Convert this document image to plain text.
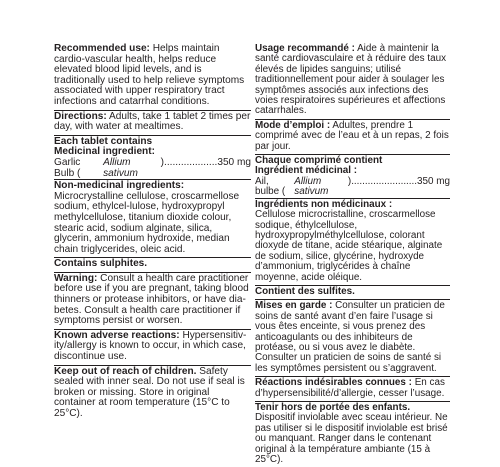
Recommended use: Helps maintain cardio-vascular health, helps reduce elevated blood lipid levels, and is traditionally used to help relieve symptoms associated with upper respiratory tract infections and catarrhal conditions.

Directions: Adults, take 1 tablet 2 times per day, with water at mealtimes.

Each tablet contains

Medicinal ingredient:

Garlic Bulb (
Allium sativum
) ................... 350 mg

Non-medicinal ingredients: Microcrystalline cellulose, croscarmellose sodium, ethylcel-lulose, hydroxypropyl methylcellulose, titanium dioxide colour, stearic acid, sodium alginate, silica, glycerin, ammonium hydroxide, median chain triglycerides, oleic acid.

Contains sulphites.

Warning: Consult a health care practitioner before use if you are pregnant, taking blood thinners or protease inhibitors, or have dia-betes. Consult a health care practitioner if symptoms persist or worsen.

Known adverse reactions: Hypersensitiv-ity/allergy is known to occur, in which case, discontinue use.

Keep out of reach of children. Safety sealed with inner seal. Do not use if seal is broken or missing. Store in original container at room temperature (15°C to 25°C).

Usage recommandé : Aide à maintenir la santé cardiovasculaire et à réduire des taux élevés de lipides sanguins; utilisé traditionnellement pour aider à soulager les symptômes associés aux infections des voies respiratoires supérieures et affections catarrhales.

Mode d’emploi : Adultes, prendre 1 comprimé avec de l’eau et à un repas, 2 fois par jour.

Chaque comprimé contient

Ingrédient médicinal :

Ail, bulbe (
Allium sativum
) ........................ 350 mg

Ingrédients non médicinaux :

Cellulose microcristalline, croscarmellose sodique, éthylcellulose, hydroxypropylméthylcellulose, colorant dioxyde de titane, acide stéarique, alginate de sodium, silice, glycérine, hydroxyde d’ammonium, triglycérides à chaîne moyenne, acide oléique.

Contient des sulfites.

Mises en garde : Consulter un praticien de soins de santé avant d’en faire l’usage si vous êtes enceinte, si vous prenez des anticoagulants ou des inhibiteurs de protéase, ou si vous avez le diabète. Consulter un praticien de soins de santé si les symptômes persistent ou s’aggravent.

Réactions indésirables connues : En cas d’hypersensibilité/d’allergie, cesser l’usage.

Tenir hors de portée des enfants. Dispositif inviolable avec sceau intérieur. Ne pas utiliser si le dispositif inviolable est brisé ou manquant. Ranger dans le contenant original à la température ambiante (15 à 25°C).
